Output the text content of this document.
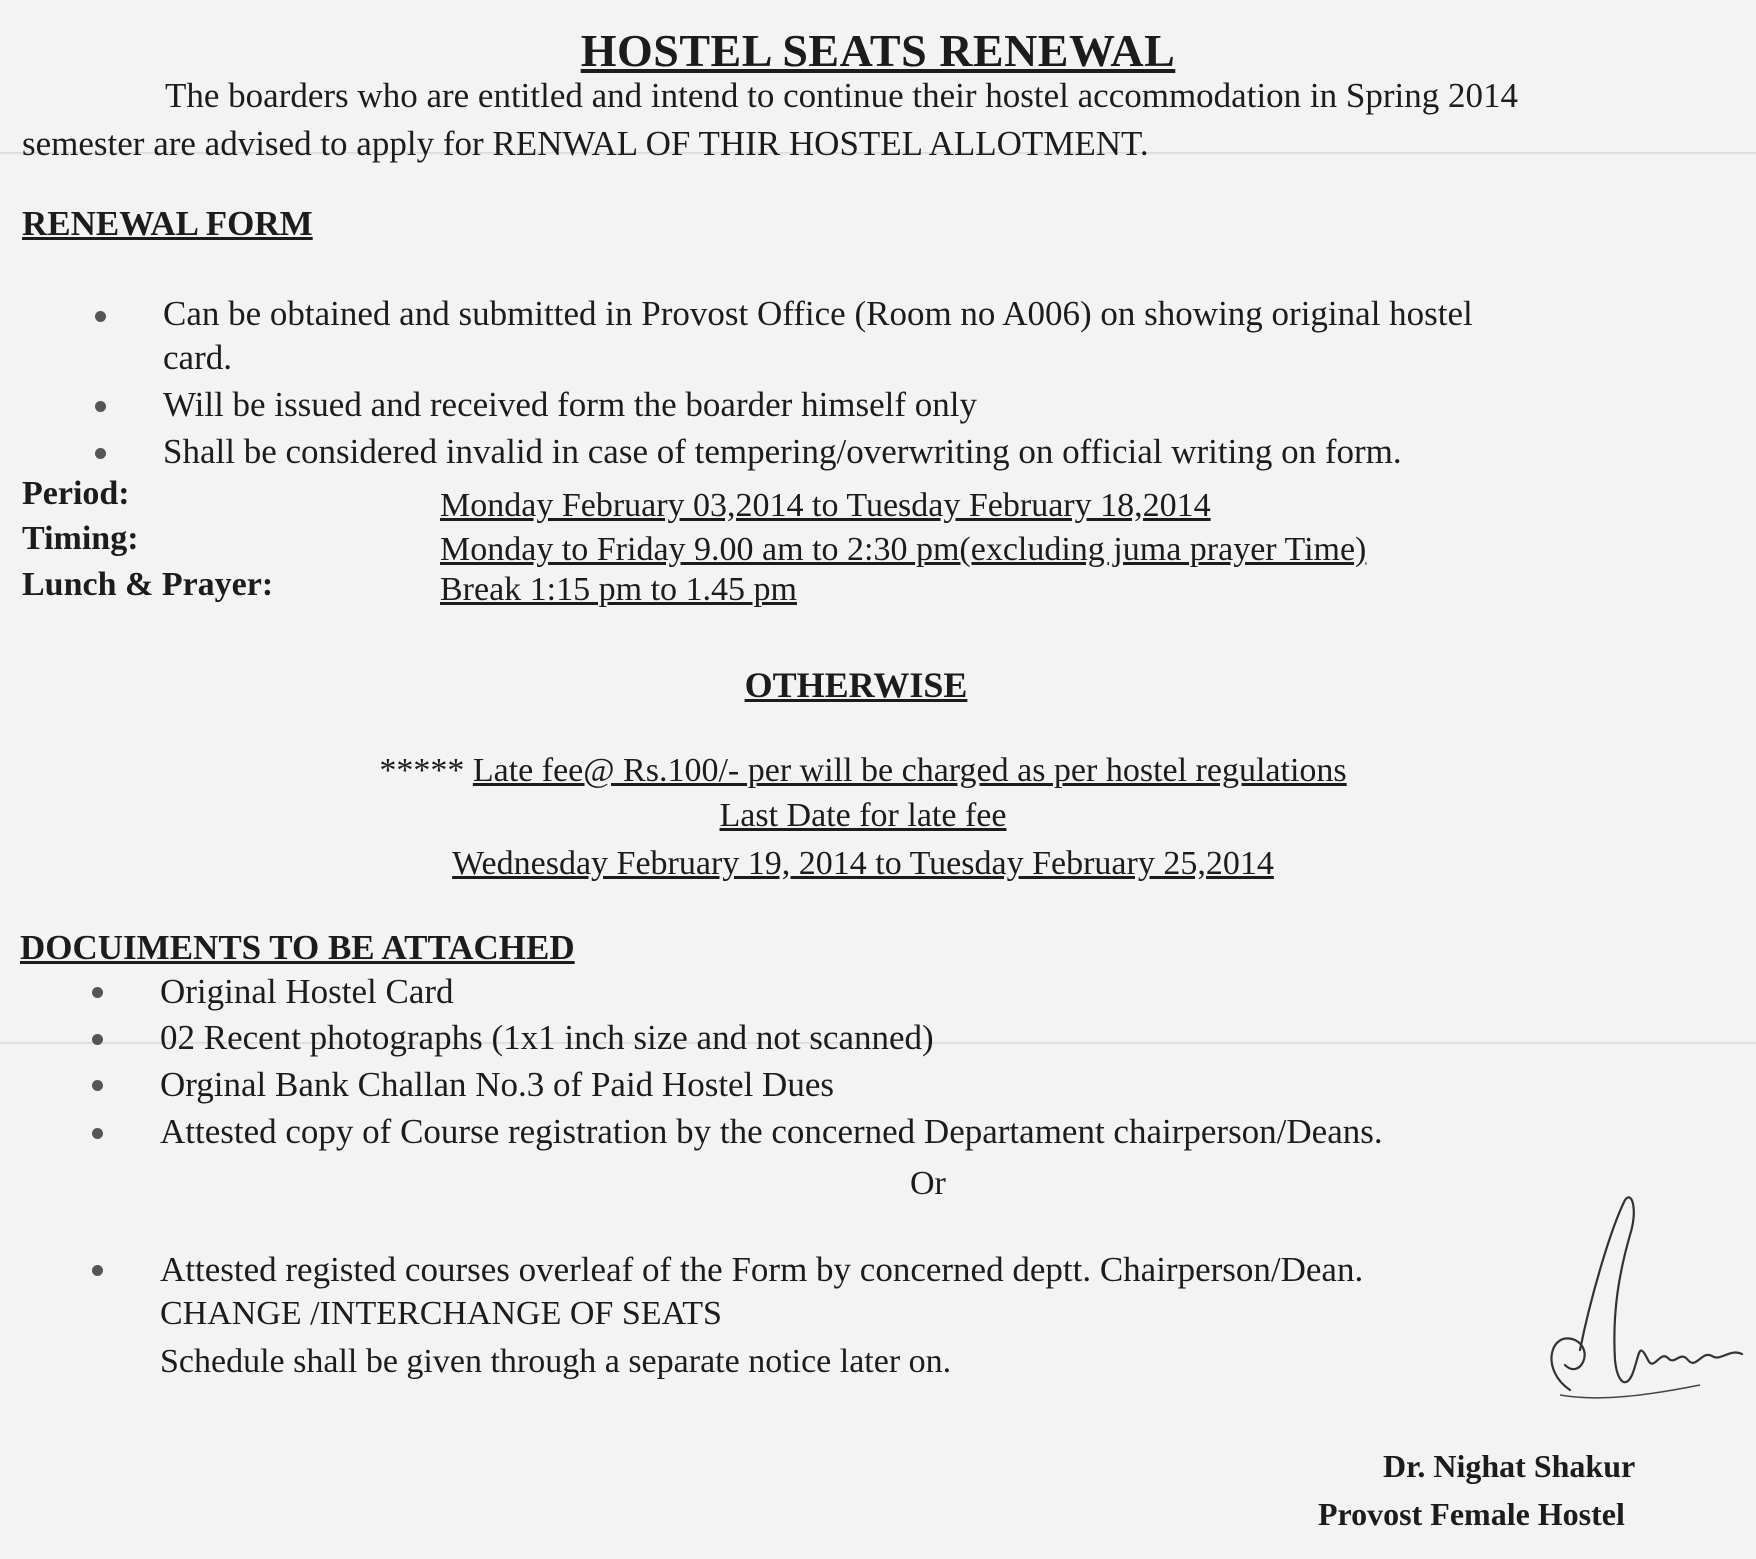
HOSTEL SEATS RENEWAL
The boarders who are entitled and intend to continue their hostel accommodation in Spring 2014
semester are advised to apply for RENWAL OF THIR HOSTEL ALLOTMENT.
RENEWAL FORM
Can be obtained and submitted in Provost Office (Room no A006) on showing original hostel
card.
Will be issued and received form the boarder himself only
Shall be considered invalid in case of tempering/overwriting on official writing on form.
Period:	Monday February 03,2014 to Tuesday February 18,2014
Timing:	Monday to Friday 9.00 am to 2:30 pm(excluding juma prayer Time)
Lunch & Prayer:	Break 1:15 pm to 1.45 pm
OTHERWISE
***** Late fee@ Rs.100/- per will be charged as per hostel regulations
Last Date for late fee
Wednesday February 19, 2014 to Tuesday February 25,2014
DOCUIMENTS TO BE ATTACHED
Original Hostel Card
02 Recent photographs (1x1 inch size and not scanned)
Orginal Bank Challan No.3 of Paid Hostel Dues
Attested copy of Course registration by the concerned Departament chairperson/Deans.
Or
Attested registed courses overleaf of the Form by concerned deptt. Chairperson/Dean.
CHANGE /INTERCHANGE OF SEATS
Schedule shall be given through a separate notice later on.
Dr. Nighat Shakur
Provost Female Hostel
